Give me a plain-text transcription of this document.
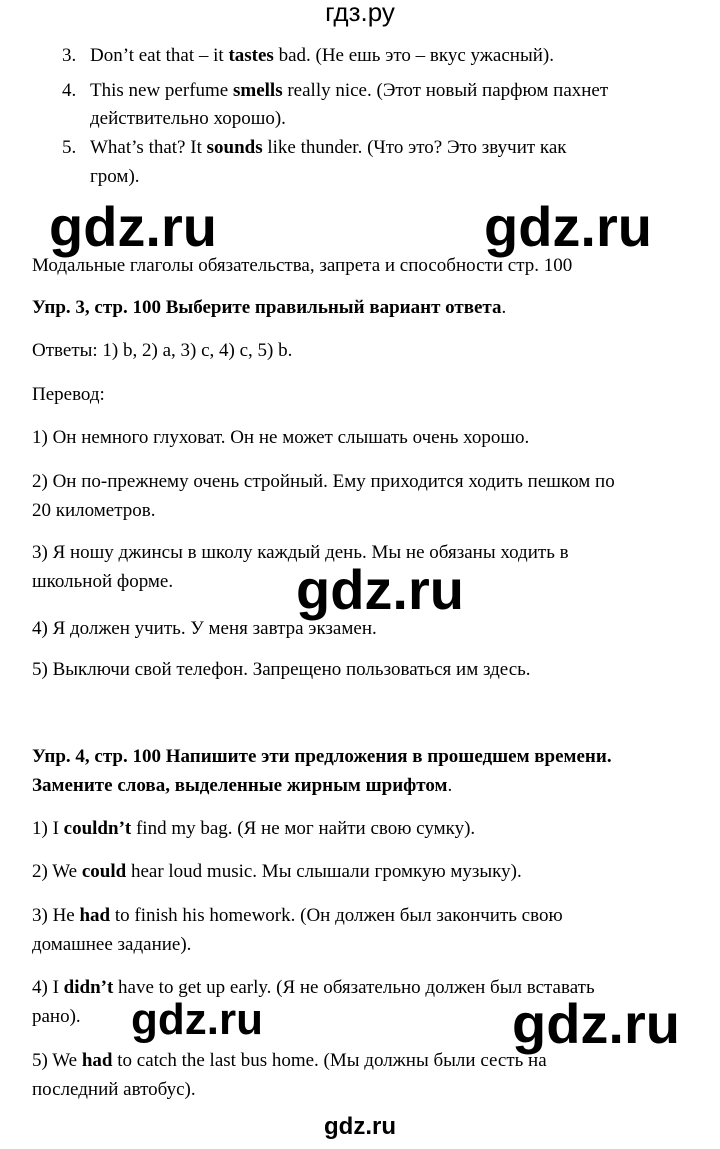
гдз.ру
3. Don’t eat that – it tastes bad. (Не ешь это – вкус ужасный).
4. This new perfume smells really nice. (Этот новый парфюм пахнет
действительно хорошо).
5. What’s that? It sounds like thunder. (Что это? Это звучит как
гром).
gdz.ru	gdz.ru
Модальные глаголы обязательства, запрета и способности стр. 100
Упр. 3, стр. 100 Выберите правильный вариант ответа.
Ответы: 1) b, 2) a, 3) c, 4) c, 5) b.
Перевод:
1) Он немного глуховат. Он не может слышать очень хорошо.
2) Он по-прежнему очень стройный. Ему приходится ходить пешком по
20 километров.
3) Я ношу джинсы в школу каждый день. Мы не обязаны ходить в
школьной форме. gdz.ru
4) Я должен учить. У меня завтра экзамен.
5) Выключи свой телефон. Запрещено пользоваться им здесь.
Упр. 4, стр. 100 Напишите эти предложения в прошедшем времени.
Замените слова, выделенные жирным шрифтом.
1) I couldn’t find my bag. (Я не мог найти свою сумку).
2) We could hear loud music. Мы слышали громкую музыку).
3) He had to finish his homework. (Он должен был закончить свою
домашнее задание).
4) I didn’t have to get up early. (Я не обязательно должен был вставать
рано). gdz.ru	gdz.ru
5) We had to catch the last bus home. (Мы должны были сесть на
последний автобус).
gdz.ru
